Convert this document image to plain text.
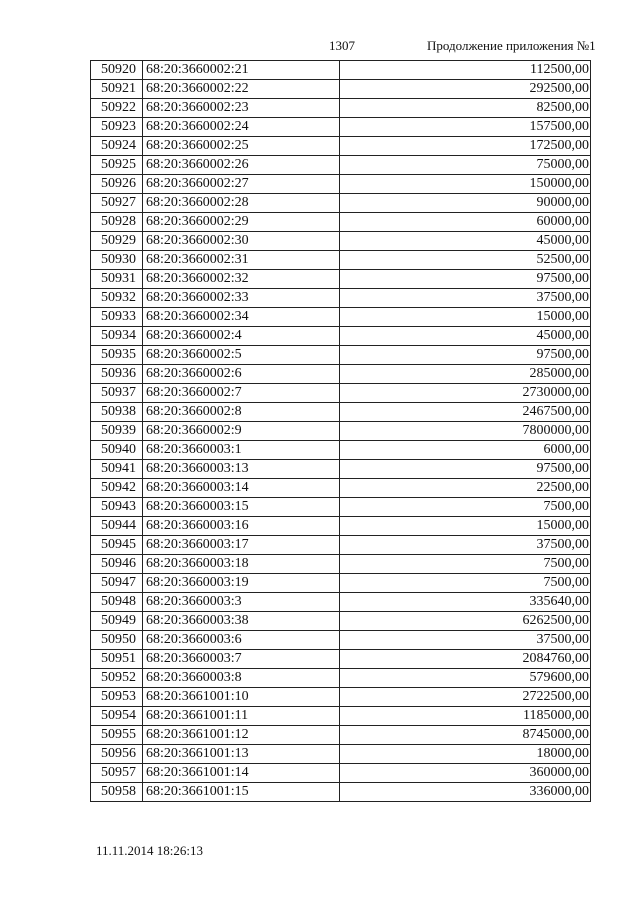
1307	Продолжение приложения №1
50920	68:20:3660002:21	112500,00
50921	68:20:3660002:22	292500,00
50922	68:20:3660002:23	82500,00
50923	68:20:3660002:24	157500,00
50924	68:20:3660002:25	172500,00
50925	68:20:3660002:26	75000,00
50926	68:20:3660002:27	150000,00
50927	68:20:3660002:28	90000,00
50928	68:20:3660002:29	60000,00
50929	68:20:3660002:30	45000,00
50930	68:20:3660002:31	52500,00
50931	68:20:3660002:32	97500,00
50932	68:20:3660002:33	37500,00
50933	68:20:3660002:34	15000,00
50934	68:20:3660002:4	45000,00
50935	68:20:3660002:5	97500,00
50936	68:20:3660002:6	285000,00
50937	68:20:3660002:7	2730000,00
50938	68:20:3660002:8	2467500,00
50939	68:20:3660002:9	7800000,00
50940	68:20:3660003:1	6000,00
50941	68:20:3660003:13	97500,00
50942	68:20:3660003:14	22500,00
50943	68:20:3660003:15	7500,00
50944	68:20:3660003:16	15000,00
50945	68:20:3660003:17	37500,00
50946	68:20:3660003:18	7500,00
50947	68:20:3660003:19	7500,00
50948	68:20:3660003:3	335640,00
50949	68:20:3660003:38	6262500,00
50950	68:20:3660003:6	37500,00
50951	68:20:3660003:7	2084760,00
50952	68:20:3660003:8	579600,00
50953	68:20:3661001:10	2722500,00
50954	68:20:3661001:11	1185000,00
50955	68:20:3661001:12	8745000,00
50956	68:20:3661001:13	18000,00
50957	68:20:3661001:14	360000,00
50958	68:20:3661001:15	336000,00
11.11.2014 18:26:13
